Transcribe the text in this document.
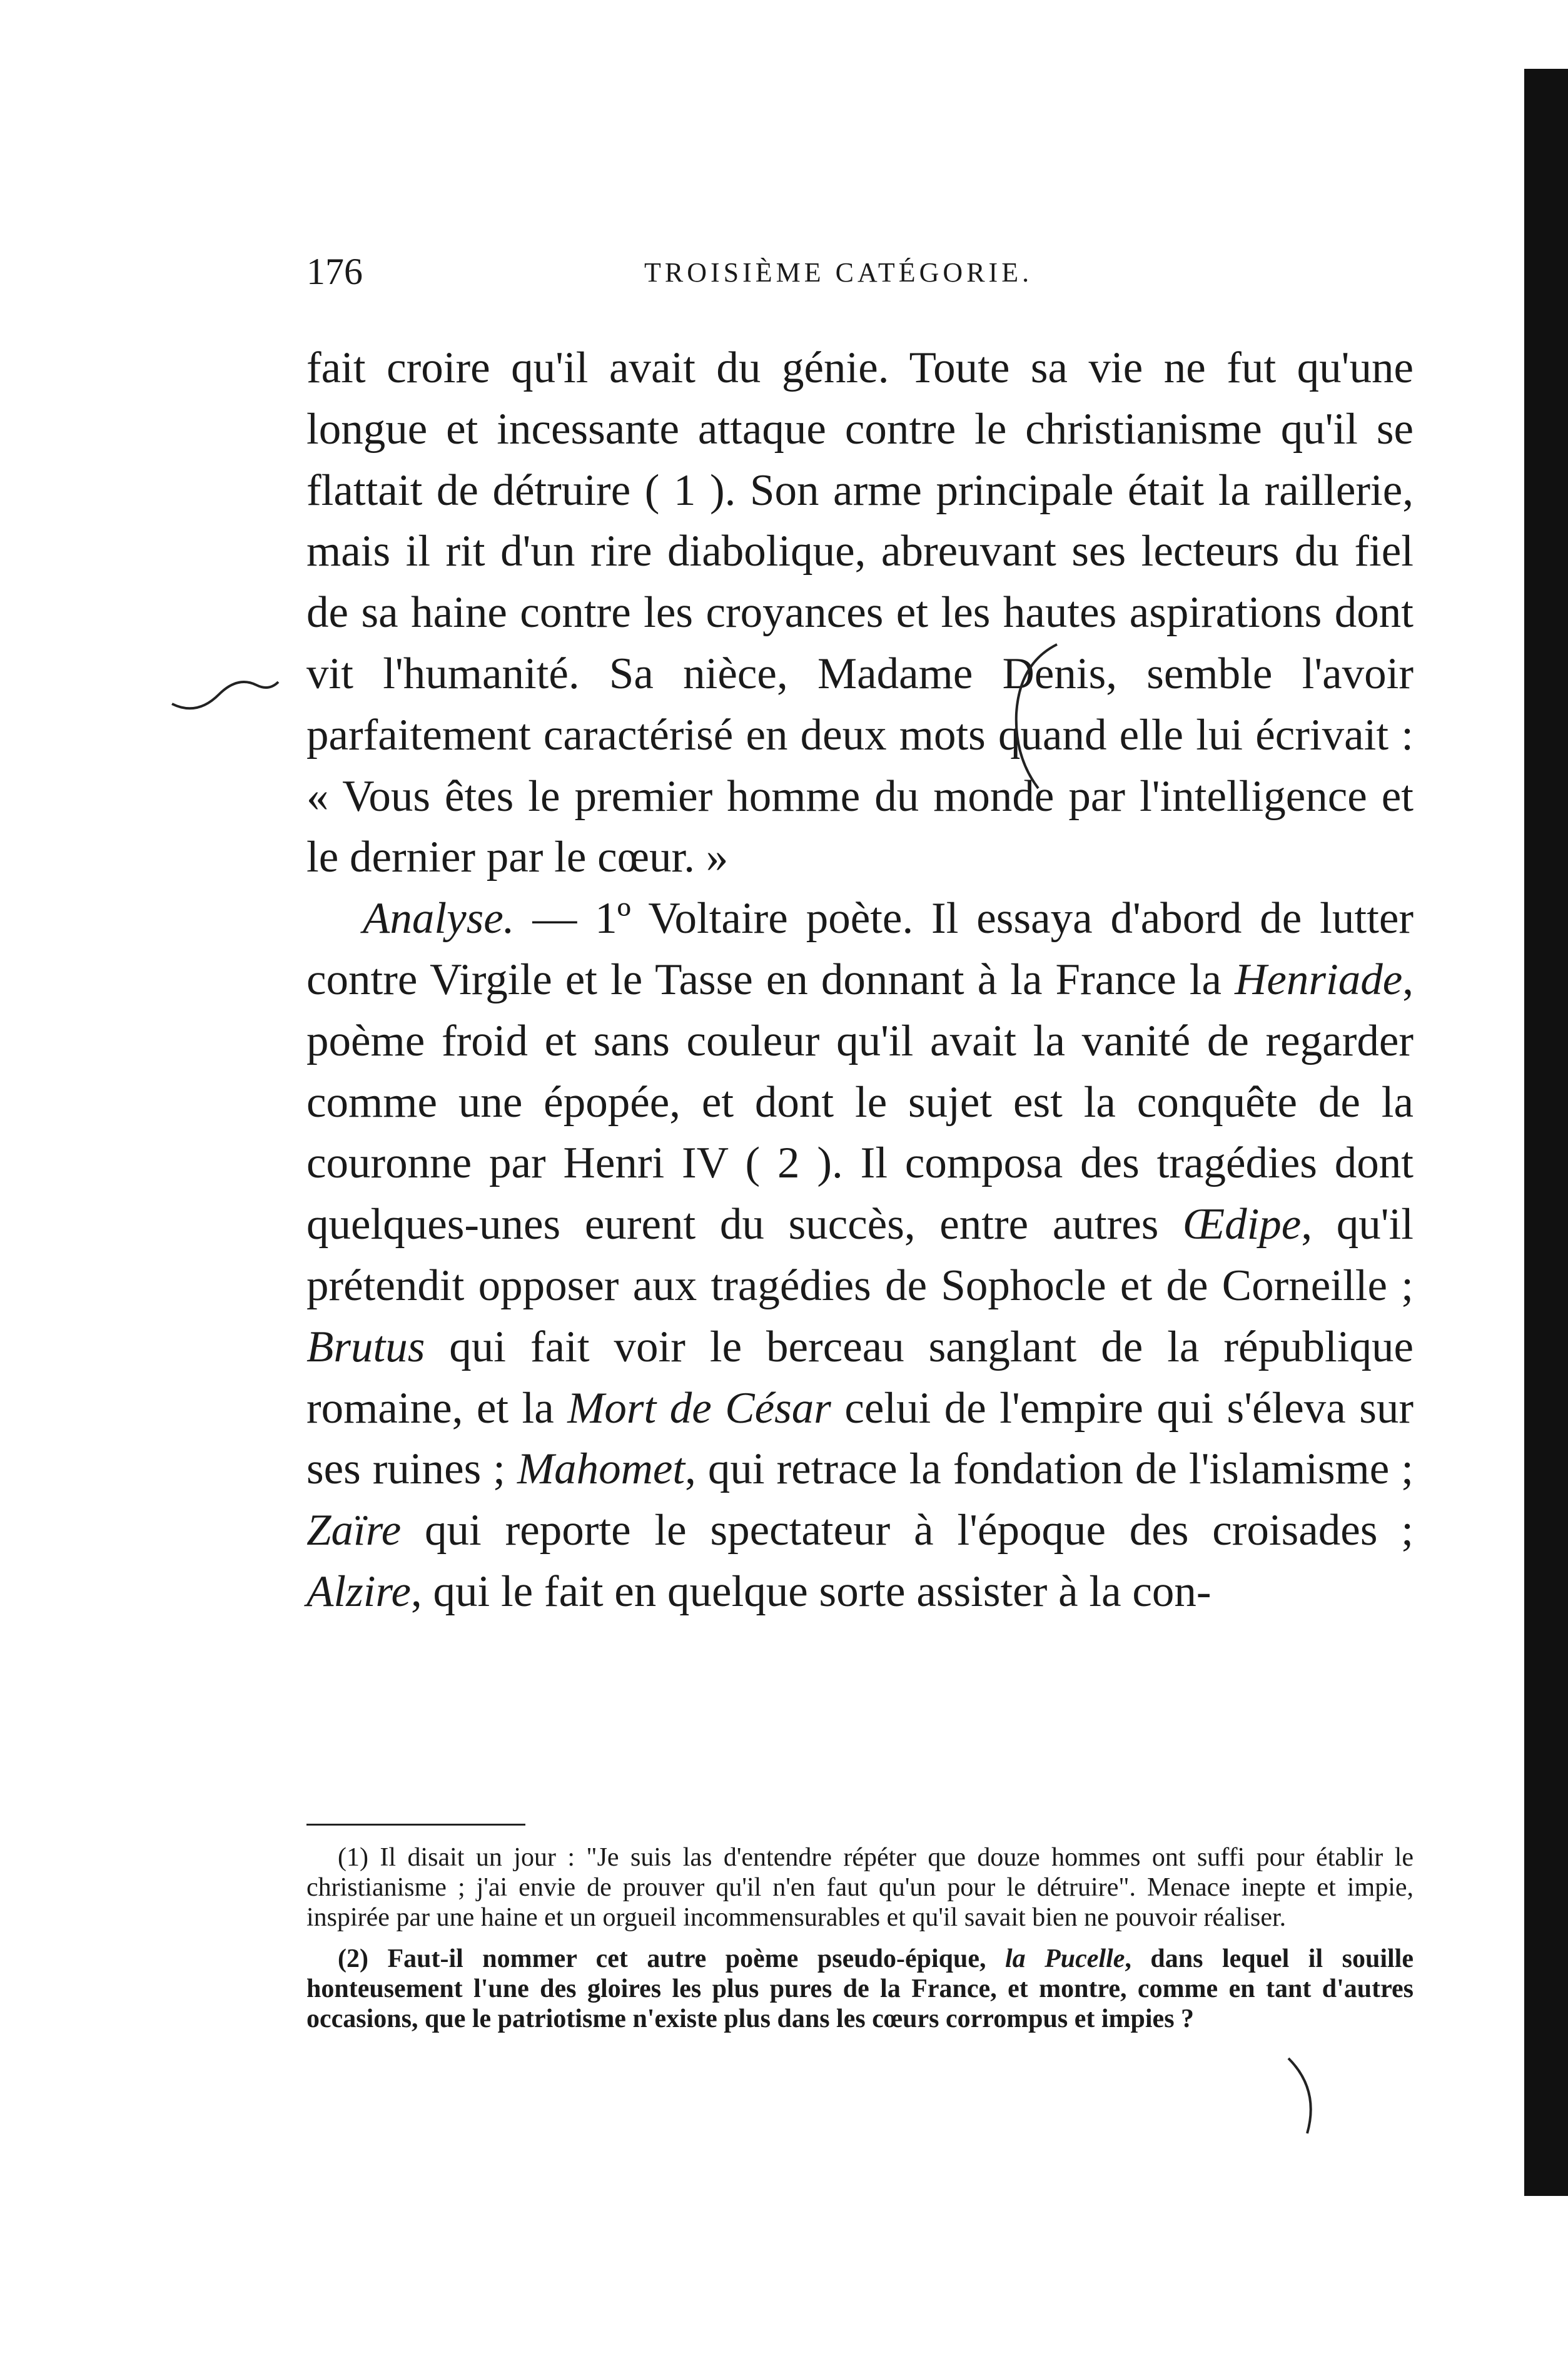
176	TROISIÈME CATÉGORIE.

fait croire qu'il avait du génie. Toute sa vie ne fut qu'une longue et incessante attaque contre le christianisme qu'il se flattait de détruire ( 1 ). Son arme principale était la raillerie, mais il rit d'un rire diabolique, abreuvant ses lecteurs du fiel de sa haine contre les croyances et les hautes aspirations dont vit l'humanité. Sa nièce, Madame Denis, semble l'avoir parfaitement caractérisé en deux mots quand elle lui écrivait : « Vous êtes le premier homme du monde par l'intelligence et le dernier par le cœur. »

Analyse. — 1º Voltaire poète. Il essaya d'abord de lutter contre Virgile et le Tasse en donnant à la France la Henriade, poème froid et sans couleur qu'il avait la vanité de regarder comme une épopée, et dont le sujet est la conquête de la couronne par Henri IV ( 2 ). Il composa des tragédies dont quelques-unes eurent du succès, entre autres Œdipe, qu'il prétendit opposer aux tragédies de Sophocle et de Corneille ; Brutus qui fait voir le berceau sanglant de la république romaine, et la Mort de César celui de l'empire qui s'éleva sur ses ruines ; Mahomet, qui retrace la fondation de l'islamisme ; Zaïre qui reporte le spectateur à l'époque des croisades ; Alzire, qui le fait en quelque sorte assister à la con-

(1) Il disait un jour : "Je suis las d'entendre répéter que douze hommes ont suffi pour établir le christianisme ; j'ai envie de prouver qu'il n'en faut qu'un pour le détruire". Menace inepte et impie, inspirée par une haine et un orgueil incommensurables et qu'il savait bien ne pouvoir réaliser.

(2) Faut-il nommer cet autre poème pseudo-épique, la Pucelle, dans lequel il souille honteusement l'une des gloires les plus pures de la France, et montre, comme en tant d'autres occasions, que le patriotisme n'existe plus dans les cœurs corrompus et impies ?
